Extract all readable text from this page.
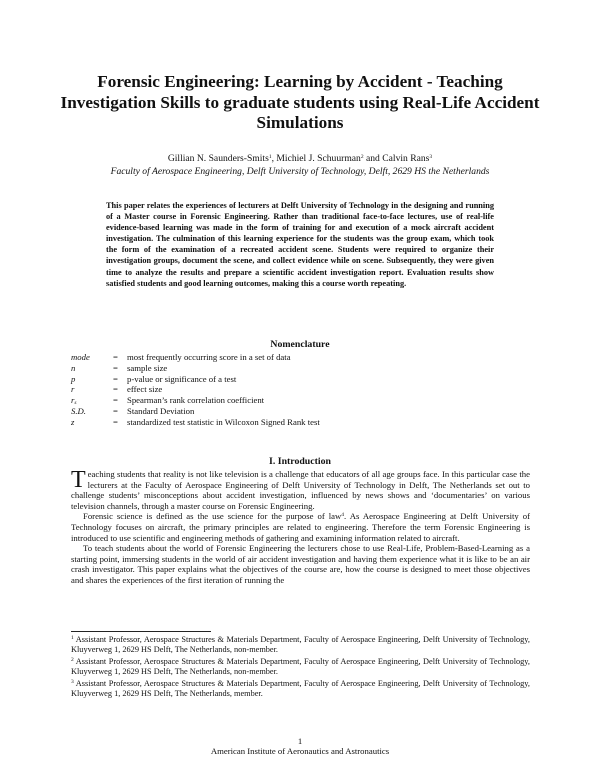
Forensic Engineering: Learning by Accident - Teaching Investigation Skills to graduate students using Real-Life Accident Simulations
Gillian N. Saunders-Smits$^1$, Michiel J. Schuurman$^2$ and Calvin Rans$^3$
Faculty of Aerospace Engineering, Delft University of Technology, Delft, 2629 HS the Netherlands
This paper relates the experiences of lecturers at Delft University of Technology in the designing and running of a Master course in Forensic Engineering. Rather than traditional face-to-face lectures, use of real-life evidence-based learning was made in the form of training for and execution of a mock aircraft accident investigation. The culmination of this learning experience for the students was the group exam, which took the form of the examination of a recreated accident scene. Students were required to organize their investigation groups, document the scene, and collect evidence while on scene. Subsequently, they were given time to analyze the results and prepare a scientific accident investigation report. Evaluation results show satisfied students and good learning outcomes, making this a course worth repeating.
Nomenclature
mode	= most frequently occurring score in a set of data
n	= sample size
p	= p-value or significance of a test
r	= effect size
$r_s$	= Spearman’s rank correlation coefficient
S.D.	= Standard Deviation
z	= standardized test statistic in Wilcoxon Signed Rank test
I. Introduction

Teaching students that reality is not like television is a challenge that educators of all age groups face. In this particular case the lecturers at the Faculty of Aerospace Engineering of Delft University of Technology in Delft, The Netherlands set out to challenge students’ misconceptions about accident investigation, influenced by news shows and ‘documentaries’ on various television channels, through a master course on Forensic Engineering.

Forensic science is defined as the use science for the purpose of law$^4$. As Aerospace Engineering at Delft University of Technology focuses on aircraft, the primary principles are related to engineering. Therefore the term Forensic Engineering is introduced to use scientific and engineering methods of gathering and examining information related to aircraft.

To teach students about the world of Forensic Engineering the lecturers chose to use Real-Life, Problem-Based-Learning as a starting point, immersing students in the world of air accident investigation and having them experience what it is like to be an air crash investigator. This paper explains what the objectives of the course are, how the course is designed to meet those objectives and shares the experiences of the first iteration of running the

$^1$ Assistant Professor, Aerospace Structures & Materials Department, Faculty of Aerospace Engineering, Delft University of Technology, Kluyverweg 1, 2629 HS Delft, The Netherlands, non-member.

$^2$ Assistant Professor, Aerospace Structures & Materials Department, Faculty of Aerospace Engineering, Delft University of Technology, Kluyverweg 1, 2629 HS Delft, The Netherlands, non-member.

$^3$ Assistant Professor, Aerospace Structures & Materials Department, Faculty of Aerospace Engineering, Delft University of Technology, Kluyverweg 1, 2629 HS Delft, The Netherlands, member.

1
American Institute of Aeronautics and Astronautics
